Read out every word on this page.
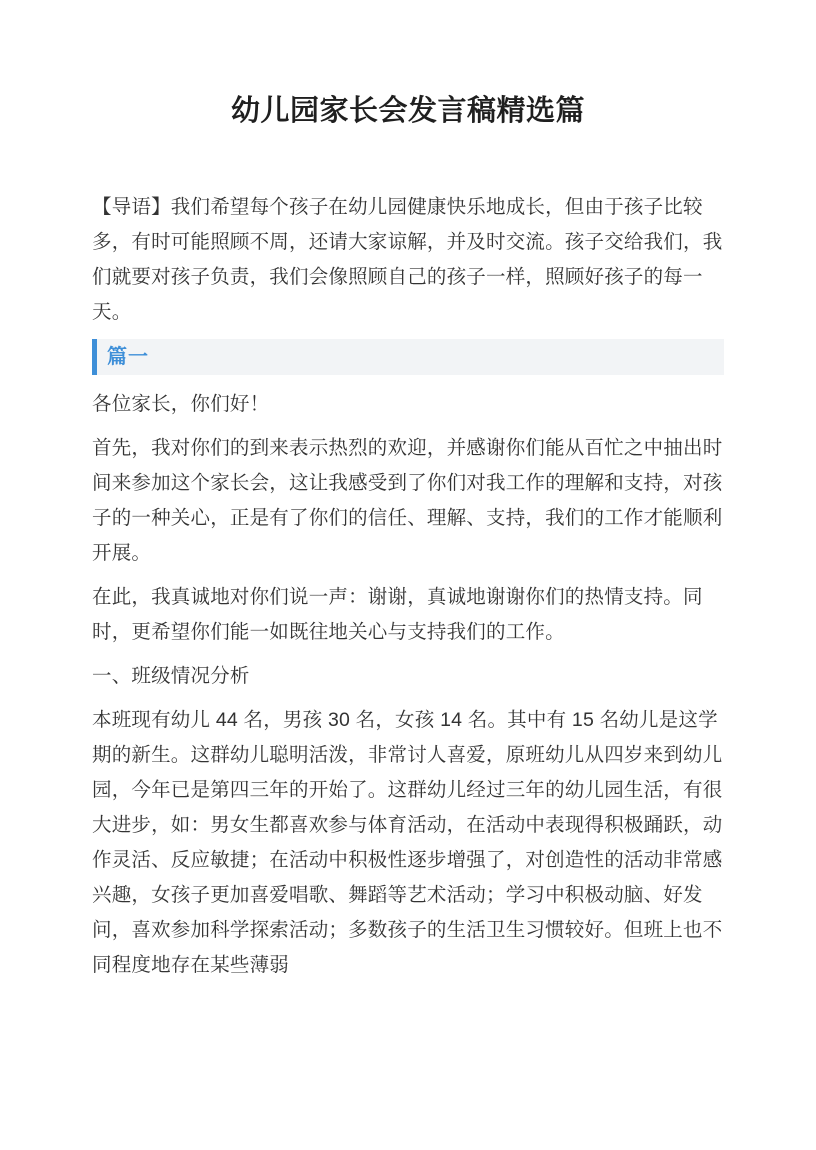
幼儿园家长会发言稿精选篇

【导语】我们希望每个孩子在幼儿园健康快乐地成长，但由于孩子比较多，有时可能照顾不周，还请大家谅解，并及时交流。孩子交给我们，我们就要对孩子负责，我们会像照顾自己的孩子一样，照顾好孩子的每一天。

篇一

各位家长，你们好！

首先，我对你们的到来表示热烈的欢迎，并感谢你们能从百忙之中抽出时间来参加这个家长会，这让我感受到了你们对我工作的理解和支持，对孩子的一种关心，正是有了你们的信任、理解、支持，我们的工作才能顺利开展。

在此，我真诚地对你们说一声：谢谢，真诚地谢谢你们的热情支持。同时，更希望你们能一如既往地关心与支持我们的工作。

一、班级情况分析

本班现有幼儿 44 名，男孩 30 名，女孩 14 名。其中有 15 名幼儿是这学期的新生。这群幼儿聪明活泼，非常讨人喜爱，原班幼儿从四岁来到幼儿园，今年已是第四三年的开始了。这群幼儿经过三年的幼儿园生活，有很大进步，如：男女生都喜欢参与体育活动，在活动中表现得积极踊跃，动作灵活、反应敏捷；在活动中积极性逐步增强了，对创造性的活动非常感兴趣，女孩子更加喜爱唱歌、舞蹈等艺术活动；学习中积极动脑、好发问，喜欢参加科学探索活动；多数孩子的生活卫生习惯较好。但班上也不同程度地存在某些薄弱
